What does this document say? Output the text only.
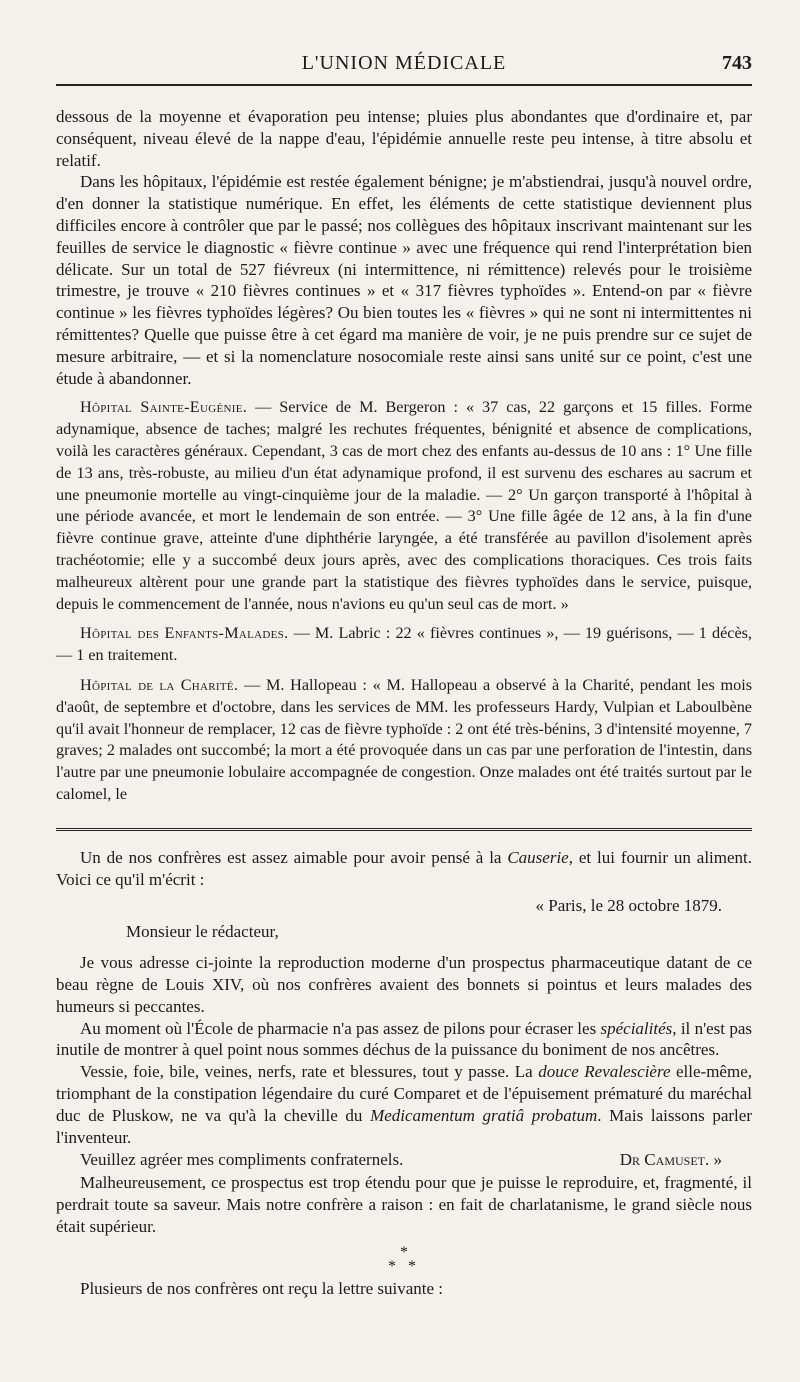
L'UNION MÉDICALE	743

dessous de la moyenne et évaporation peu intense; pluies plus abondantes que d'ordinaire et, par conséquent, niveau élevé de la nappe d'eau, l'épidémie annuelle reste peu intense, à titre absolu et relatif.

Dans les hôpitaux, l'épidémie est restée également bénigne; je m'abstiendrai, jusqu'à nouvel ordre, d'en donner la statistique numérique. En effet, les éléments de cette statistique deviennent plus difficiles encore à contrôler que par le passé; nos collègues des hôpitaux inscrivant maintenant sur les feuilles de service le diagnostic « fièvre continue » avec une fréquence qui rend l'interprétation bien délicate. Sur un total de 527 fiévreux (ni intermittence, ni rémittence) relevés pour le troisième trimestre, je trouve « 210 fièvres continues » et « 317 fièvres typhoïdes ». Entend-on par « fièvre continue » les fièvres typhoïdes légères? Ou bien toutes les « fièvres » qui ne sont ni intermittentes ni rémittentes? Quelle que puisse être à cet égard ma manière de voir, je ne puis prendre sur ce sujet de mesure arbitraire, — et si la nomenclature nosocomiale reste ainsi sans unité sur ce point, c'est une étude à abandonner.

Hôpital Sainte-Eugénie. — Service de M. Bergeron : « 37 cas, 22 garçons et 15 filles. Forme adynamique, absence de taches; malgré les rechutes fréquentes, bénignité et absence de complications, voilà les caractères généraux. Cependant, 3 cas de mort chez des enfants au-dessus de 10 ans : 1° Une fille de 13 ans, très-robuste, au milieu d'un état adynamique profond, il est survenu des eschares au sacrum et une pneumonie mortelle au vingt-cinquième jour de la maladie. — 2° Un garçon transporté à l'hôpital à une période avancée, et mort le lendemain de son entrée. — 3° Une fille âgée de 12 ans, à la fin d'une fièvre continue grave, atteinte d'une diphthérie laryngée, a été transférée au pavillon d'isolement après trachéotomie; elle y a succombé deux jours après, avec des complications thoraciques. Ces trois faits malheureux altèrent pour une grande part la statistique des fièvres typhoïdes dans le service, puisque, depuis le commencement de l'année, nous n'avions eu qu'un seul cas de mort. »

Hôpital des Enfants-Malades. — M. Labric : 22 « fièvres continues », — 19 guérisons, — 1 décès, — 1 en traitement.

Hôpital de la Charité. — M. Hallopeau : « M. Hallopeau a observé à la Charité, pendant les mois d'août, de septembre et d'octobre, dans les services de MM. les professeurs Hardy, Vulpian et Laboulbène qu'il avait l'honneur de remplacer, 12 cas de fièvre typhoïde : 2 ont été très-bénins, 3 d'intensité moyenne, 7 graves; 2 malades ont succombé; la mort a été provoquée dans un cas par une perforation de l'intestin, dans l'autre par une pneumonie lobulaire accompagnée de congestion. Onze malades ont été traités surtout par le calomel, le

Un de nos confrères est assez aimable pour avoir pensé à la Causerie, et lui fournir un aliment. Voici ce qu'il m'écrit :

« Paris, le 28 octobre 1879.
Monsieur le rédacteur,

Je vous adresse ci-jointe la reproduction moderne d'un prospectus pharmaceutique datant de ce beau règne de Louis XIV, où nos confrères avaient des bonnets si pointus et leurs malades des humeurs si peccantes.

Au moment où l'École de pharmacie n'a pas assez de pilons pour écraser les spécialités, il n'est pas inutile de montrer à quel point nous sommes déchus de la puissance du boniment de nos ancêtres.

Vessie, foie, bile, veines, nerfs, rate et blessures, tout y passe. La douce Revalescière elle-même, triomphant de la constipation légendaire du curé Comparet et de l'épuisement prématuré du maréchal duc de Pluskow, ne va qu'à la cheville du Medicamentum gratiâ probatum. Mais laissons parler l'inventeur.

Veuillez agréer mes compliments confraternels.	Dr Camuset. »

Malheureusement, ce prospectus est trop étendu pour que je puisse le reproduire, et, fragmenté, il perdrait toute sa saveur. Mais notre confrère a raison : en fait de charlatanisme, le grand siècle nous était supérieur.

*
* *

Plusieurs de nos confrères ont reçu la lettre suivante :
